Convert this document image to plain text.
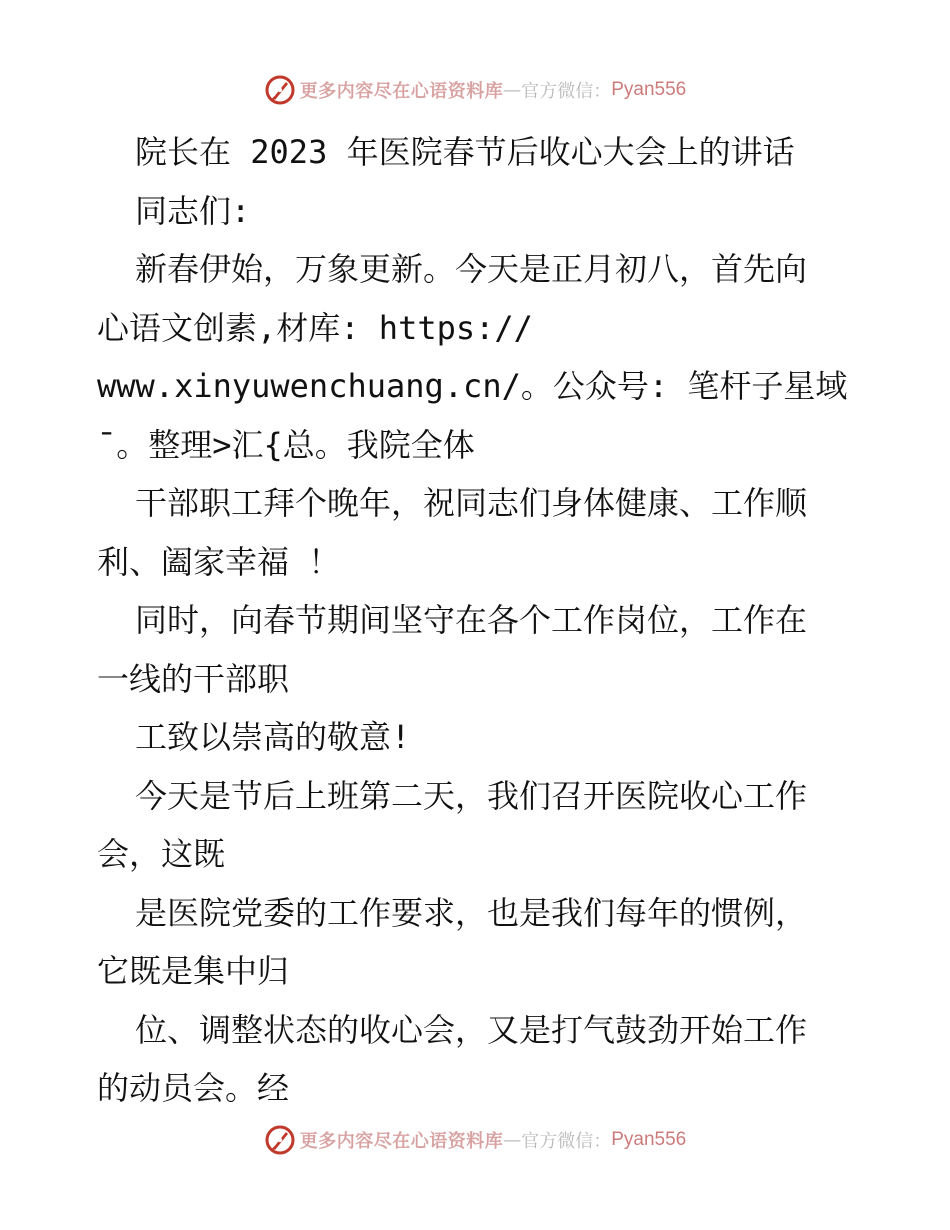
更多内容尽在心语资料库 — 官方微信： Pyan556
院长在 2023 年医院春节后收心大会上的讲话
同志们:
新春伊始，万象更新。今天是正月初八，首先向
心语文创素,材库: https://
www.xinyuwenchuang.cn/。公众号: 笔杆子星域
¯。整理>汇{总。我院全体
干部职工拜个晚年，祝同志们身体健康、工作顺
利、阖家幸福 ！
同时，向春节期间坚守在各个工作岗位，工作在
一线的干部职
工致以崇高的敬意!
今天是节后上班第二天，我们召开医院收心工作
会，这既
是医院党委的工作要求，也是我们每年的惯例，
它既是集中归
位、调整状态的收心会，又是打气鼓劲开始工作
的动员会。经
更多内容尽在心语资料库 — 官方微信： Pyan556
